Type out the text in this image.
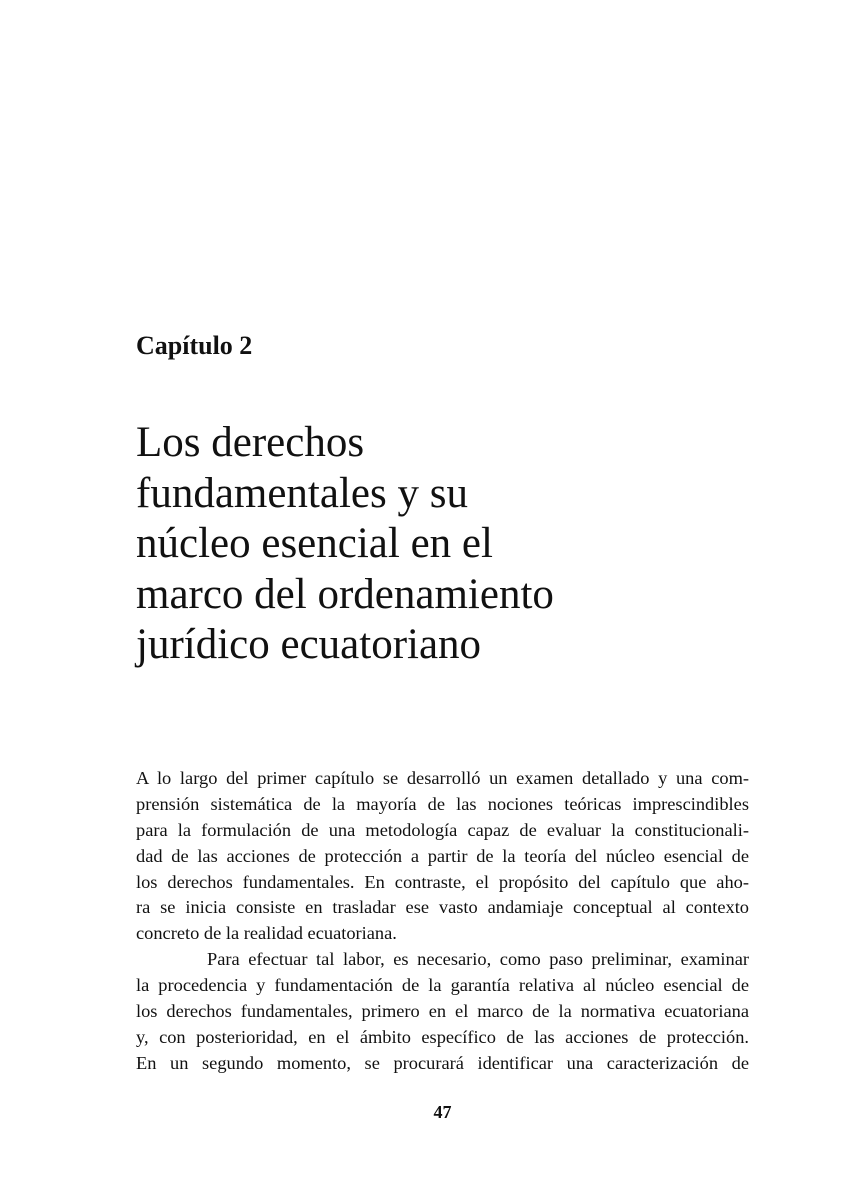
Capítulo 2
Los derechos
fundamentales y su
núcleo esencial en el
marco del ordenamiento
jurídico ecuatoriano
A lo largo del primer capítulo se desarrolló un examen detallado y una com-
prensión sistemática de la mayoría de las nociones teóricas imprescindibles
para la formulación de una metodología capaz de evaluar la constitucionali-
dad de las acciones de protección a partir de la teoría del núcleo esencial de
los derechos fundamentales. En contraste, el propósito del capítulo que aho-
ra se inicia consiste en trasladar ese vasto andamiaje conceptual al contexto
concreto de la realidad ecuatoriana.
Para efectuar tal labor, es necesario, como paso preliminar, examinar
la procedencia y fundamentación de la garantía relativa al núcleo esencial de
los derechos fundamentales, primero en el marco de la normativa ecuatoriana
y, con posterioridad, en el ámbito específico de las acciones de protección.
En un segundo momento, se procurará identificar una caracterización de
47
